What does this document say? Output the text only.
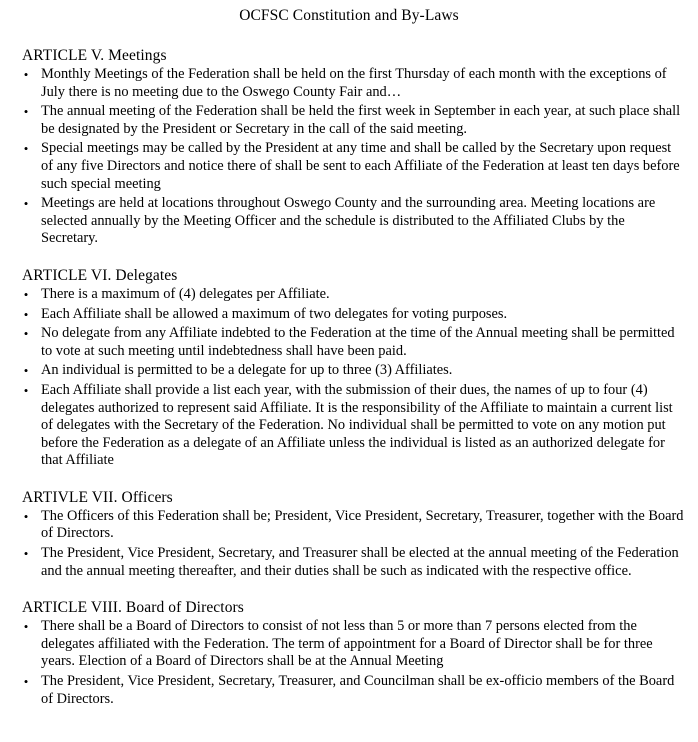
OCFSC Constitution and By-Laws
ARTICLE V. Meetings
• Monthly Meetings of the Federation shall be held on the first Thursday of each month with the exceptions of July there is no meeting due to the Oswego County Fair and…
• The annual meeting of the Federation shall be held the first week in September in each year, at such place shall be designated by the President or Secretary in the call of the said meeting.
• Special meetings may be called by the President at any time and shall be called by the Secretary upon request of any five Directors and notice there of shall be sent to each Affiliate of the Federation at least ten days before such special meeting
• Meetings are held at locations throughout Oswego County and the surrounding area. Meeting locations are selected annually by the Meeting Officer and the schedule is distributed to the Affiliated Clubs by the Secretary.
ARTICLE VI. Delegates
• There is a maximum of (4) delegates per Affiliate.
• Each Affiliate shall be allowed a maximum of two delegates for voting purposes.
• No delegate from any Affiliate indebted to the Federation at the time of the Annual meeting shall be permitted to vote at such meeting until indebtedness shall have been paid.
• An individual is permitted to be a delegate for up to three (3) Affiliates.
• Each Affiliate shall provide a list each year, with the submission of their dues, the names of up to four (4) delegates authorized to represent said Affiliate. It is the responsibility of the Affiliate to maintain a current list of delegates with the Secretary of the Federation. No individual shall be permitted to vote on any motion put before the Federation as a delegate of an Affiliate unless the individual is listed as an authorized delegate for that Affiliate
ARTIVLE VII. Officers
• The Officers of this Federation shall be; President, Vice President, Secretary, Treasurer, together with the Board of Directors.
• The President, Vice President, Secretary, and Treasurer shall be elected at the annual meeting of the Federation and the annual meeting thereafter, and their duties shall be such as indicated with the respective office.
ARTICLE VIII. Board of Directors
• There shall be a Board of Directors to consist of not less than 5 or more than 7 persons elected from the delegates affiliated with the Federation. The term of appointment for a Board of Director shall be for three years. Election of a Board of Directors shall be at the Annual Meeting
• The President, Vice President, Secretary, Treasurer, and Councilman shall be ex-officio members of the Board of Directors.
